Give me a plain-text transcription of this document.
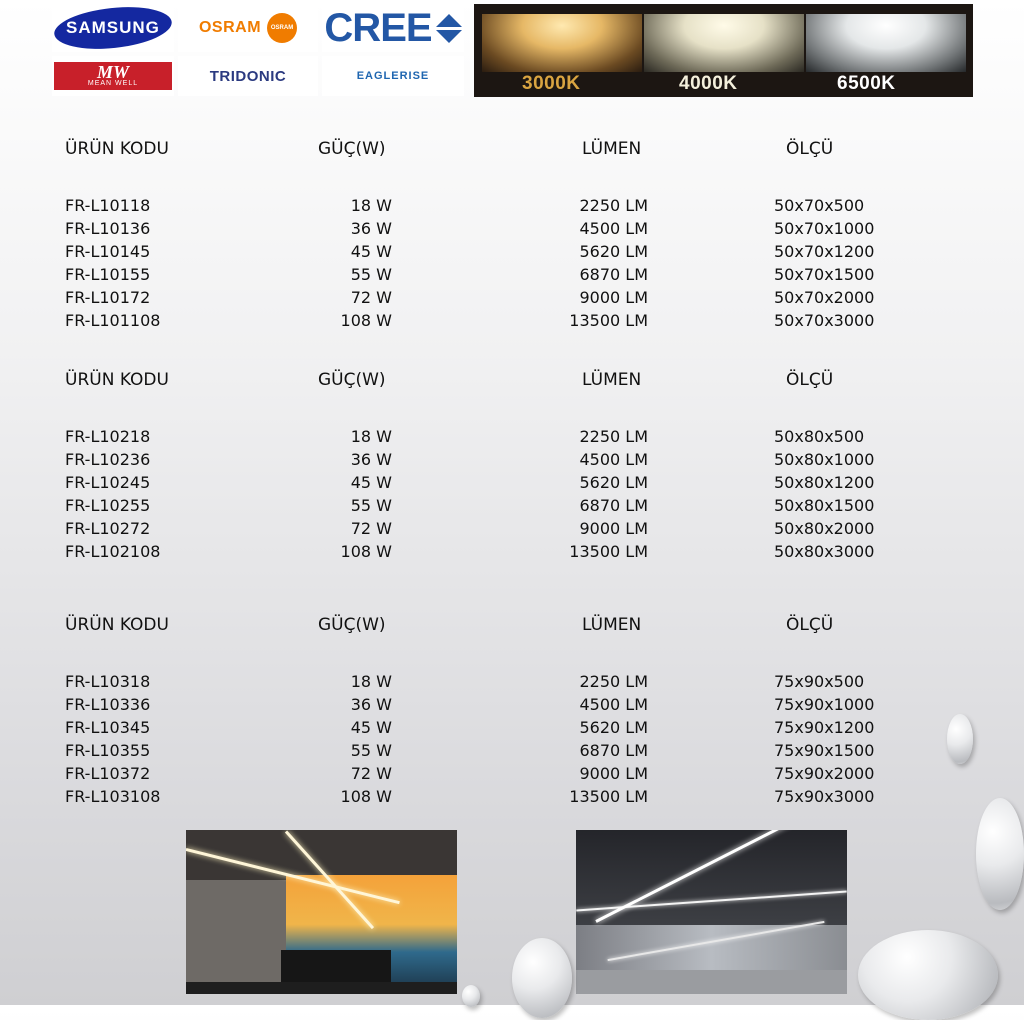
SAMSUNG OSRAM OSRAM CREE
MW
MEAN WELL	TRIDONIC	EAGLERISE	3000K	4000K	6500K
ÜRÜN KODU	GÜÇ(W)	LÜMEN	ÖLÇÜ
FR-L10118	18 W	2250 LM	50x70x500
FR-L10136	36 W	4500 LM	50x70x1000
FR-L10145	45 W	5620 LM	50x70x1200
FR-L10155	55 W	6870 LM	50x70x1500
FR-L10172	72 W	9000 LM	50x70x2000
FR-L101108	108 W	13500 LM	50x70x3000
ÜRÜN KODU	GÜÇ(W)	LÜMEN	ÖLÇÜ
FR-L10218	18 W	2250 LM	50x80x500
FR-L10236	36 W	4500 LM	50x80x1000
FR-L10245	45 W	5620 LM	50x80x1200
FR-L10255	55 W	6870 LM	50x80x1500
FR-L10272	72 W	9000 LM	50x80x2000
FR-L102108	108 W	13500 LM	50x80x3000
ÜRÜN KODU	GÜÇ(W)	LÜMEN	ÖLÇÜ
FR-L10318	18 W	2250 LM	75x90x500
FR-L10336	36 W	4500 LM	75x90x1000
FR-L10345	45 W	5620 LM	75x90x1200
FR-L10355	55 W	6870 LM	75x90x1500
FR-L10372	72 W	9000 LM	75x90x2000
FR-L103108	108 W	13500 LM	75x90x3000
